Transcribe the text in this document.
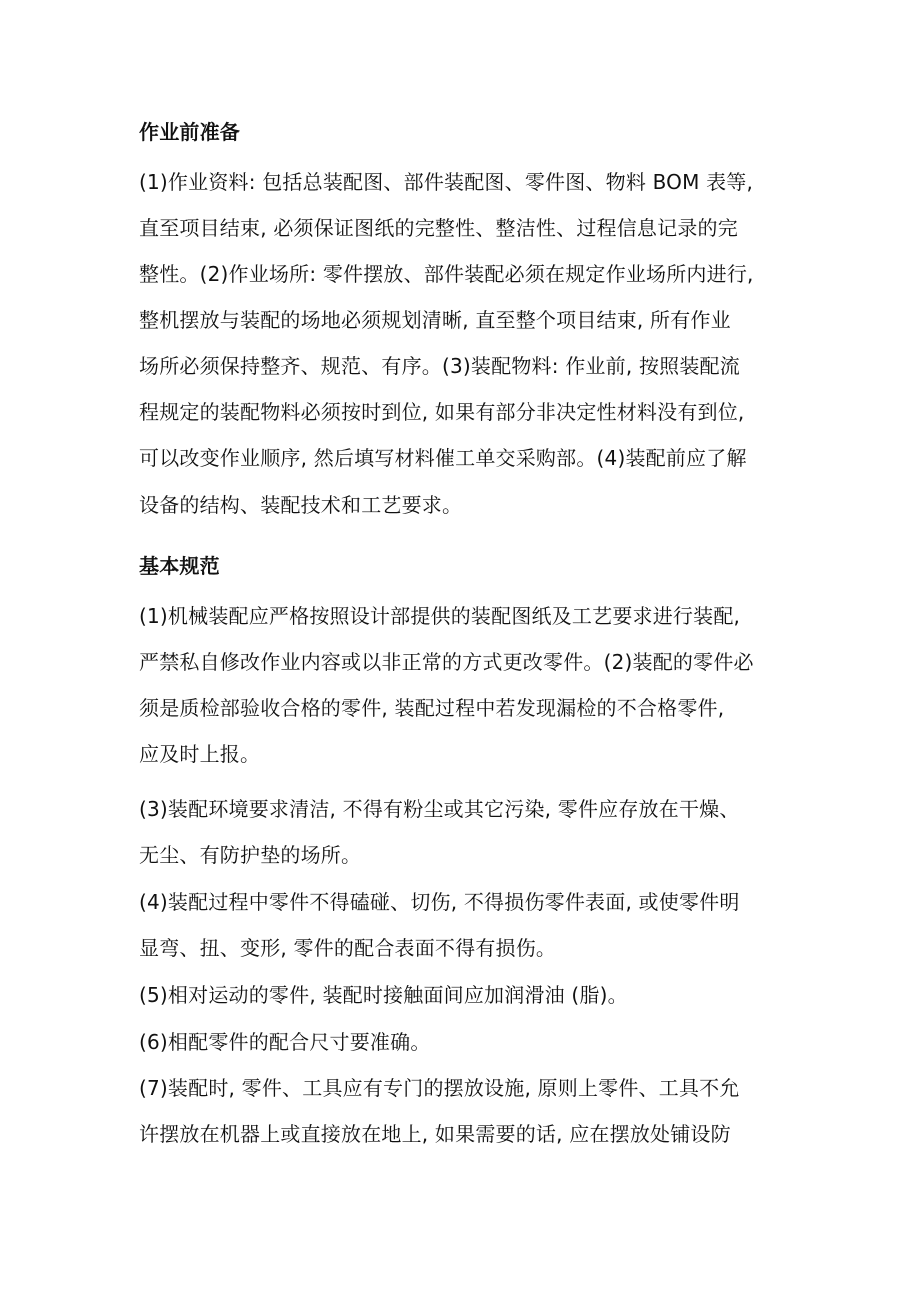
作业前准备
(1)作业资料: 包括总装配图、部件装配图、零件图、物料 BOM 表等,
直至项目结束, 必须保证图纸的完整性、整洁性、过程信息记录的完
整性。(2)作业场所: 零件摆放、部件装配必须在规定作业场所内进行,
整机摆放与装配的场地必须规划清晰, 直至整个项目结束, 所有作业
场所必须保持整齐、规范、有序。(3)装配物料: 作业前, 按照装配流
程规定的装配物料必须按时到位, 如果有部分非决定性材料没有到位,
可以改变作业顺序, 然后填写材料催工单交采购部。(4)装配前应了解
设备的结构、装配技术和工艺要求。
基本规范
(1)机械装配应严格按照设计部提供的装配图纸及工艺要求进行装配,
严禁私自修改作业内容或以非正常的方式更改零件。(2)装配的零件必
须是质检部验收合格的零件, 装配过程中若发现漏检的不合格零件,
应及时上报。
(3)装配环境要求清洁, 不得有粉尘或其它污染, 零件应存放在干燥、
无尘、有防护垫的场所。
(4)装配过程中零件不得磕碰、切伤, 不得损伤零件表面, 或使零件明
显弯、扭、变形, 零件的配合表面不得有损伤。
(5)相对运动的零件, 装配时接触面间应加润滑油 (脂)。
(6)相配零件的配合尺寸要准确。
(7)装配时, 零件、工具应有专门的摆放设施, 原则上零件、工具不允
许摆放在机器上或直接放在地上, 如果需要的话, 应在摆放处铺设防
